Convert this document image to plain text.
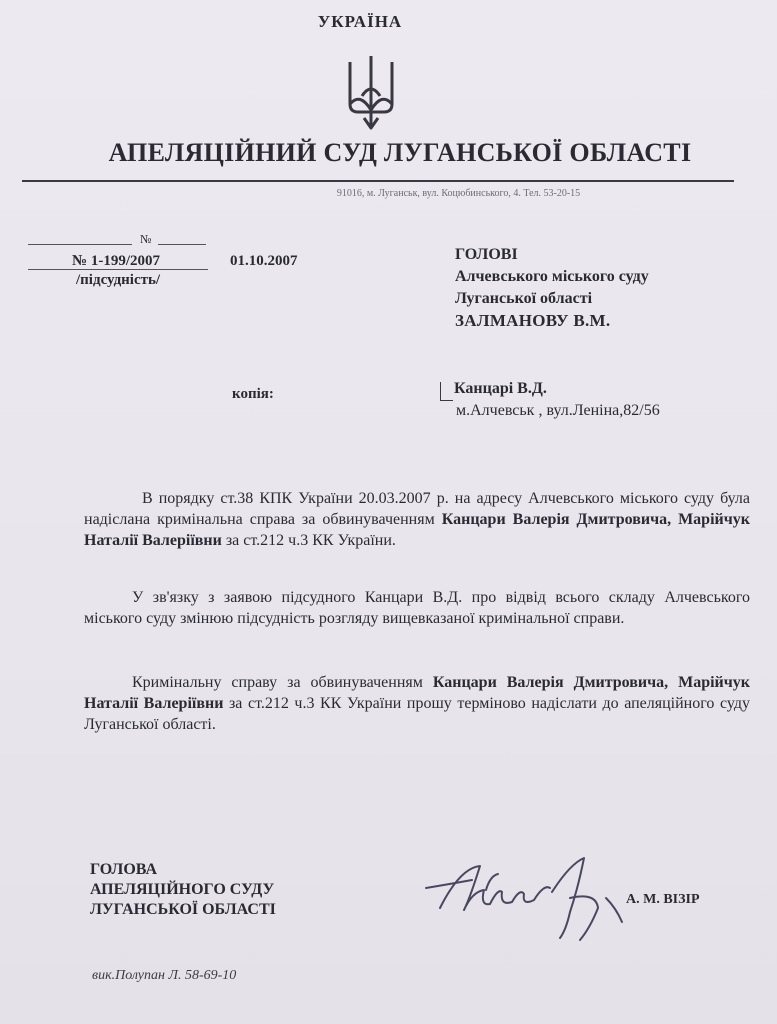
УКРАЇНА
АПЕЛЯЦІЙНИЙ СУД ЛУГАНСЬКОЇ ОБЛАСТІ
91016, м. Луганськ, вул. Коцюбинського, 4. Тел. 53-20-15
№
№ 1-199/2007
/підсудність/
01.10.2007	ГОЛОВІ
Алчевського міського суду
Луганської області
ЗАЛМАНОВУ В.М.
копія:	Канцарі В.Д.
м.Алчевськ , вул.Леніна,82/56
В порядку ст.38 КПК України 20.03.2007 р. на адресу Алчевського міського суду була надіслана кримінальна справа за обвинуваченням Канцари Валерія Дмитровича, Марійчук Наталії Валеріївни за ст.212 ч.3 КК України.
У зв'язку з заявою підсудного Канцари В.Д. про відвід всього складу Алчевського міського суду змінюю підсудність розгляду вищевказаної кримінальної справи.
Кримінальну справу за обвинуваченням Канцари Валерія Дмитровича, Марійчук Наталії Валеріївни за ст.212 ч.3 КК України прошу терміново надіслати до апеляційного суду Луганської області.
ГОЛОВА
АПЕЛЯЦІЙНОГО СУДУ
ЛУГАНСЬКОЇ ОБЛАСТІ
А. М. ВІЗІР
вик.Полупан Л. 58-69-10
